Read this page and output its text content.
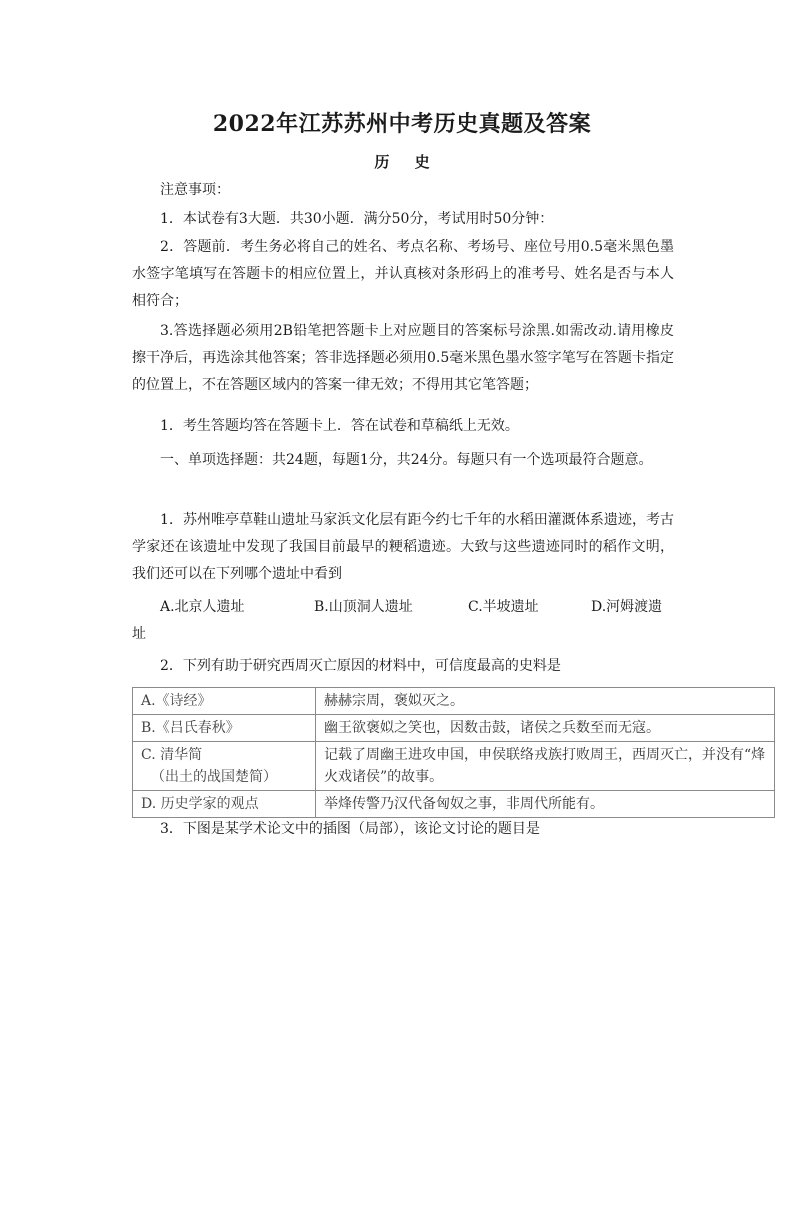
2022年江苏苏州中考历史真题及答案
历 史

注意事项：

1．本试卷有3大题．共30小题．满分50分，考试用时50分钟：

2．答题前．考生务必将自己的姓名、考点名称、考场号、座位号用0.5毫米黑色墨水签字笔填写在答题卡的相应位置上，并认真核对条形码上的准考号、姓名是否与本人相符合；

3.答选择题必须用2B铅笔把答题卡上对应题目的答案标号涂黑.如需改动.请用橡皮擦干净后，再选涂其他答案；答非选择题必须用0.5毫米黑色墨水签字笔写在答题卡指定的位置上，不在答题区域内的答案一律无效；不得用其它笔答题；

1．考生答题均答在答题卡上．答在试卷和草稿纸上无效。

一、单项选择题：共24题，每题1分，共24分。每题只有一个选项最符合题意。

1．苏州唯亭草鞋山遗址马家浜文化层有距今约七千年的水稻田灌溉体系遗迹，考古学家还在该遗址中发现了我国目前最早的粳稻遗迹。大致与这些遗迹同时的稻作文明，我们还可以在下列哪个遗址中看到

A.北京人遗址	B.山顶洞人遗址	C.半坡遗址	D.河姆渡遗
址

2．下列有助于研究西周灭亡原因的材料中，可信度最高的史料是

A.《诗经》	赫赫宗周，褒姒灭之。
B.《吕氏春秋》	幽王欲褒姒之笑也，因数击鼓，诸侯之兵数至而无寇。
C. 清华简
（出土的战国楚简）	记载了周幽王进攻申国，申侯联络戎族打败周王，西周灭亡，并没有“烽火戏诸侯”的故事。
D. 历史学家的观点	举烽传警乃汉代备匈奴之事，非周代所能有。

3．下图是某学术论文中的插图（局部），该论文讨论的题目是
